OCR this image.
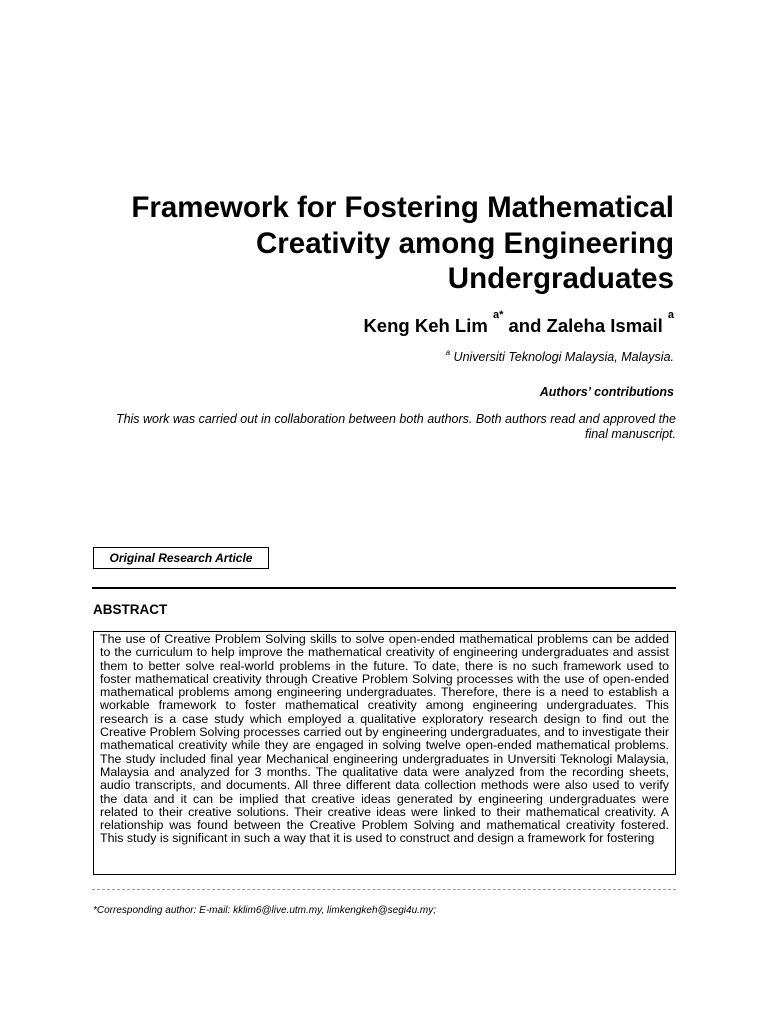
Framework for Fostering Mathematical Creativity among Engineering Undergraduates
Keng Keh Lim $^{a*}$ and Zaleha Ismail $^a$
$^a$ Universiti Teknologi Malaysia, Malaysia.
Authors’ contributions
This work was carried out in collaboration between both authors. Both authors read and approved the final manuscript.
Original Research Article
ABSTRACT

The use of Creative Problem Solving skills to solve open-ended mathematical problems can be added to the curriculum to help improve the mathematical creativity of engineering undergraduates and assist them to better solve real-world problems in the future. To date, there is no such framework used to foster mathematical creativity through Creative Problem Solving processes with the use of open-ended mathematical problems among engineering undergraduates. Therefore, there is a need to establish a workable framework to foster mathematical creativity among engineering undergraduates. This research is a case study which employed a qualitative exploratory research design to find out the Creative Problem Solving processes carried out by engineering undergraduates, and to investigate their mathematical creativity while they are engaged in solving twelve open-ended mathematical problems. The study included final year Mechanical engineering undergraduates in Unversiti Teknologi Malaysia, Malaysia and analyzed for 3 months. The qualitative data were analyzed from the recording sheets, audio transcripts, and documents. All three different data collection methods were also used to verify the data and it can be implied that creative ideas generated by engineering undergraduates were related to their creative solutions. Their creative ideas were linked to their mathematical creativity. A relationship was found between the Creative Problem Solving and mathematical creativity fostered. This study is significant in such a way that it is used to construct and design a framework for fostering

*Corresponding author: E-mail: kklim6@live.utm.my, limkengkeh@segi4u.my;
